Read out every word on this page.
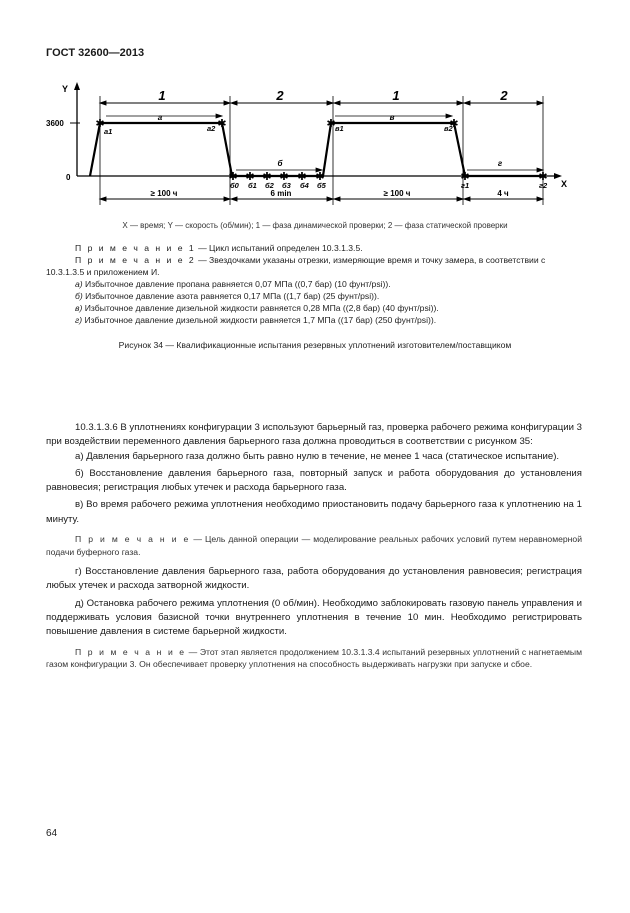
ГОСТ 32600—2013
Y
X
3600
0
1	2	1	2
а	в
б	г
✱	✱	✱	✱
✱ ✱ ✱ ✱ ✱ ✱	✱	✱
а1	а2	в1	в2
б0 б1 б2 б3 б4 б5	г1	г2
≥ 100 ч	6 min	≥ 100 ч	4 ч
X — время; Y — скорость (об/мин); 1 — фаза динамической проверки; 2 — фаза статической проверки
П р и м е ч а н и е 1 — Цикл испытаний определен 10.3.1.3.5.
П р и м е ч а н и е 2 — Звездочками указаны отрезки, измеряющие время и точку замера, в соответствии с 10.3.1.3.5 и приложением И.
а) Избыточное давление пропана равняется 0,07 МПа ((0,7 бар) (10 фунт/psi)).
б) Избыточное давление азота равняется 0,17 МПа ((1,7 бар) (25 фунт/psi)).
в) Избыточное давление дизельной жидкости равняется 0,28 МПа ((2,8 бар) (40 фунт/psi)).
г) Избыточное давление дизельной жидкости равняется 1,7 МПа ((17 бар) (250 фунт/psi)).
Рисунок 34 — Квалификационные испытания резервных уплотнений изготовителем/поставщиком

10.3.1.3.6 В уплотнениях конфигурации 3 используют барьерный газ, проверка рабочего режима конфигурации 3 при воздействии переменного давления барьерного газа должна проводиться в соответствии с рисунком 35:

а) Давления барьерного газа должно быть равно нулю в течение, не менее 1 часа (статическое испытание).

б) Восстановление давления барьерного газа, повторный запуск и работа оборудования до установления равновесия; регистрация любых утечек и расхода барьерного газа.

в) Во время рабочего режима уплотнения необходимо приостановить подачу барьерного газа к уплотнению на 1 минуту.

П р и м е ч а н и е — Цель данной операции — моделирование реальных рабочих условий путем неравномерной подачи буферного газа.

г) Восстановление давления барьерного газа, работа оборудования до установления равновесия; регистрация любых утечек и расхода затворной жидкости.

д) Остановка рабочего режима уплотнения (0 об/мин). Необходимо заблокировать газовую панель управления и поддерживать условия базисной точки внутреннего уплотнения в течение 10 мин. Необходимо регистрировать повышение давления в системе барьерной жидкости.

П р и м е ч а н и е — Этот этап является продолжением 10.3.1.3.4 испытаний резервных уплотнений с нагнетаемым газом конфигурации 3. Он обеспечивает проверку уплотнения на способность выдерживать нагрузки при запуске и сбое.

64
